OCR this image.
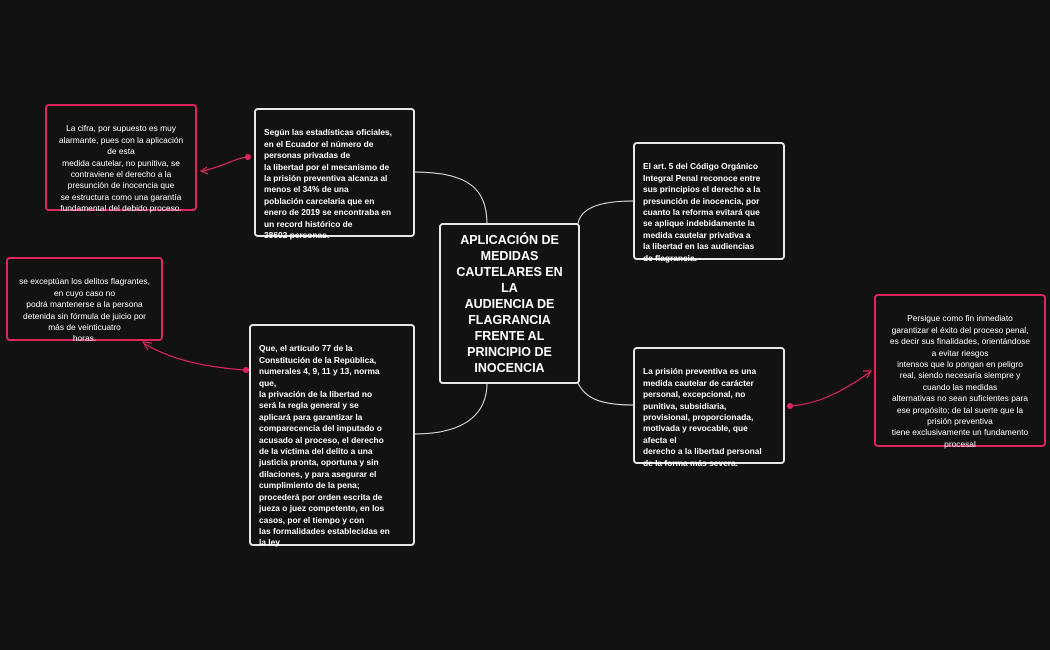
APLICACIÓN DE
MEDIDAS
CAUTELARES EN LA
AUDIENCIA DE
FLAGRANCIA
FRENTE AL
PRINCIPIO DE
INOCENCIA

Según las estadísticas oficiales,
en el Ecuador el número de
personas privadas de
la libertad por el mecanismo de
la prisión preventiva alcanza al
menos el 34% de una
población carcelaria que en
enero de 2019 se encontraba en
un record histórico de
38602 personas.

La cifra, por supuesto es muy
alarmante, pues con la aplicación
de esta
medida cautelar, no punitiva, se
contraviene el derecho a la
presunción de inocencia que
se estructura como una garantía
fundamental del debido proceso.

El art. 5 del Código Orgánico
Integral Penal reconoce entre
sus principios el derecho a la
presunción de inocencia, por
cuanto la reforma evitará que
se aplique indebidamente la
medida cautelar privativa a
la libertad en las audiencias
de flagrancia.

Que, el artículo 77 de la
Constitución de la República,
numerales 4, 9, 11 y 13, norma
que,
la privación de la libertad no
será la regla general y se
aplicará para garantizar la
comparecencia del imputado o
acusado al proceso, el derecho
de la víctima del delito a una
justicia pronta, oportuna y sin
dilaciones, y para asegurar el
cumplimiento de la pena;
procederá por orden escrita de
jueza o juez competente, en los
casos, por el tiempo y con
las formalidades establecidas en
la ley

se exceptúan los delitos flagrantes,
en cuyo caso no
podrá mantenerse a la persona
detenida sin fórmula de juicio por
más de veinticuatro
horas.

La prisión preventiva es una
medida cautelar de carácter
personal, excepcional, no
punitiva, subsidiaria,
provisional, proporcionada,
motivada y revocable, que
afecta el
derecho a la libertad personal
de la forma más severa.

Persigue como fin inmediato
garantizar el éxito del proceso penal,
es decir sus finalidades, orientándose
a evitar riesgos
intensos que lo pongan en peligro
real, siendo necesaria siempre y
cuando las medidas
alternativas no sean suficientes para
ese propósito; de tal suerte que la
prisión preventiva
tiene exclusivamente un fundamento
procesal
